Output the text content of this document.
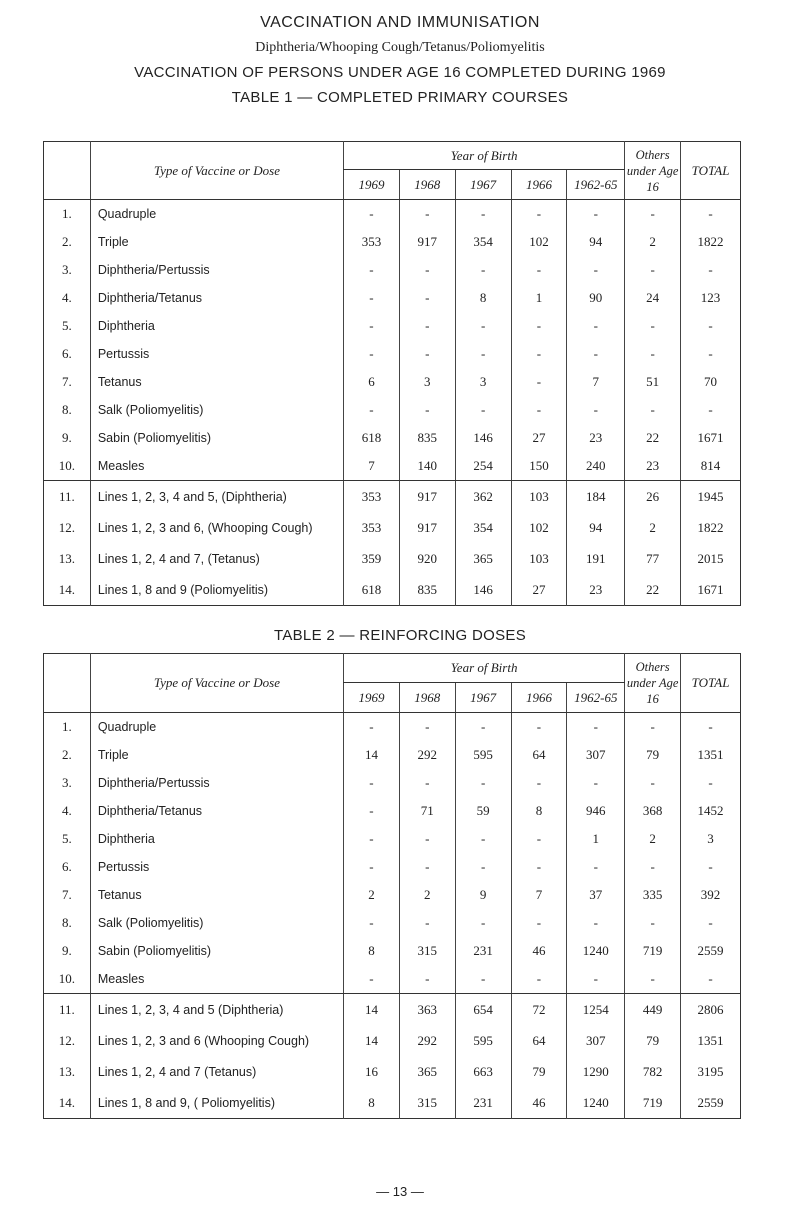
VACCINATION AND IMMUNISATION
Diphtheria/Whooping Cough/Tetanus/Poliomyelitis
VACCINATION OF PERSONS UNDER AGE 16 COMPLETED DURING 1969
TABLE 1 — COMPLETED PRIMARY COURSES
	Type of Vaccine or Dose	Year of Birth					Others under Age 16	TOTAL
		1969	1968	1967	1966	1962-65		
1.	Quadruple	-	-	-	-	-	-	-
2.	Triple	353	917	354	102	94	2	1822
3.	Diphtheria/Pertussis	-	-	-	-	-	-	-
4.	Diphtheria/Tetanus	-	-	8	1	90	24	123
5.	Diphtheria	-	-	-	-	-	-	-
6.	Pertussis	-	-	-	-	-	-	-
7.	Tetanus	6	3	3	-	7	51	70
8.	Salk (Poliomyelitis)	-	-	-	-	-	-	-
9.	Sabin (Poliomyelitis)	618	835	146	27	23	22	1671
10.	Measles	7	140	254	150	240	23	814
11.	Lines 1, 2, 3, 4 and 5, (Diphtheria)	353	917	362	103	184	26	1945
12.	Lines 1, 2, 3 and 6, (Whooping Cough)	353	917	354	102	94	2	1822
13.	Lines 1, 2, 4 and 7, (Tetanus)	359	920	365	103	191	77	2015
14.	Lines 1, 8 and 9 (Poliomyelitis)	618	835	146	27	23	22	1671
TABLE 2 — REINFORCING DOSES
	Type of Vaccine or Dose	Year of Birth					Others under Age 16	TOTAL
		1969	1968	1967	1966	1962-65		
1.	Quadruple	-	-	-	-	-	-	-
2.	Triple	14	292	595	64	307	79	1351
3.	Diphtheria/Pertussis	-	-	-	-	-	-	-
4.	Diphtheria/Tetanus	-	71	59	8	946	368	1452
5.	Diphtheria	-	-	-	-	1	2	3
6.	Pertussis	-	-	-	-	-	-	-
7.	Tetanus	2	2	9	7	37	335	392
8.	Salk (Poliomyelitis)	-	-	-	-	-	-	-
9.	Sabin (Poliomyelitis)	8	315	231	46	1240	719	2559
10.	Measles	-	-	-	-	-	-	-
11.	Lines 1, 2, 3, 4 and 5 (Diphtheria)	14	363	654	72	1254	449	2806
12.	Lines 1, 2, 3 and 6 (Whooping Cough)	14	292	595	64	307	79	1351
13.	Lines 1, 2, 4 and 7 (Tetanus)	16	365	663	79	1290	782	3195
14.	Lines 1, 8 and 9, ( Poliomyelitis)	8	315	231	46	1240	719	2559
— 13 —
